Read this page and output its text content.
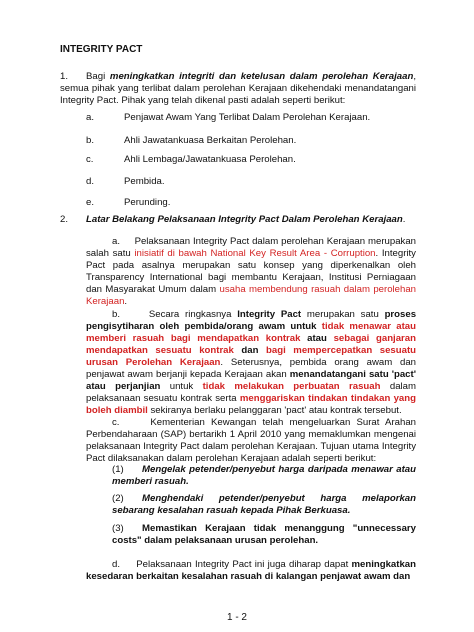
INTEGRITY PACT
1.	Bagi meningkatkan integriti dan ketelusan dalam perolehan Kerajaan, semua pihak yang terlibat dalam perolehan Kerajaan dikehendaki menandatangani Integrity Pact. Pihak yang telah dikenal pasti adalah seperti berikut:
a.	Penjawat Awam Yang Terlibat Dalam Perolehan Kerajaan.
b.	Ahli Jawatankuasa Berkaitan Perolehan.
c.	Ahli Lembaga/Jawatankuasa Perolehan.
d.	Pembida.
e.	Perunding.
2.	Latar Belakang Pelaksanaan Integrity Pact Dalam Perolehan Kerajaan.
a. Pelaksanaan Integrity Pact dalam perolehan Kerajaan merupakan salah satu inisiatif di bawah National Key Result Area - Corruption. Integrity Pact pada asalnya merupakan satu konsep yang diperkenalkan oleh Transparency International bagi membantu Kerajaan, Institusi Perniagaan dan Masyarakat Umum dalam usaha membendung rasuah dalam perolehan Kerajaan.
b.	Secara ringkasnya Integrity Pact merupakan satu proses pengisytiharan oleh pembida/orang awam untuk tidak menawar atau memberi rasuah bagi mendapatkan kontrak atau sebagai ganjaran mendapatkan sesuatu kontrak dan bagi mempercepatkan sesuatu urusan Perolehan Kerajaan. Seterusnya, pembida orang awam dan penjawat awam berjanji kepada Kerajaan akan menandatangani satu 'pact' atau perjanjian untuk tidak melakukan perbuatan rasuah dalam pelaksanaan sesuatu kontrak serta menggariskan tindakan tindakan yang boleh diambil sekiranya berlaku pelanggaran 'pact' atau kontrak tersebut.
c.	Kementerian Kewangan telah mengeluarkan Surat Arahan Perbendaharaan (SAP) bertarikh 1 April 2010 yang memaklumkan mengenai pelaksanaan Integrity Pact dalam perolehan Kerajaan. Tujuan utama Integrity Pact dilaksanakan dalam perolehan Kerajaan adalah seperti berikut:
(1) Mengelak petender/penyebut harga daripada menawar atau memberi rasuah.
(2) Menghendaki petender/penyebut harga melaporkan sebarang kesalahan rasuah kepada Pihak Berkuasa.
(3) Memastikan Kerajaan tidak menanggung "unnecessary costs" dalam pelaksanaan urusan perolehan.
d. Pelaksanaan Integrity Pact ini juga diharap dapat meningkatkan kesedaran berkaitan kesalahan rasuah di kalangan penjawat awam dan
1 - 2
